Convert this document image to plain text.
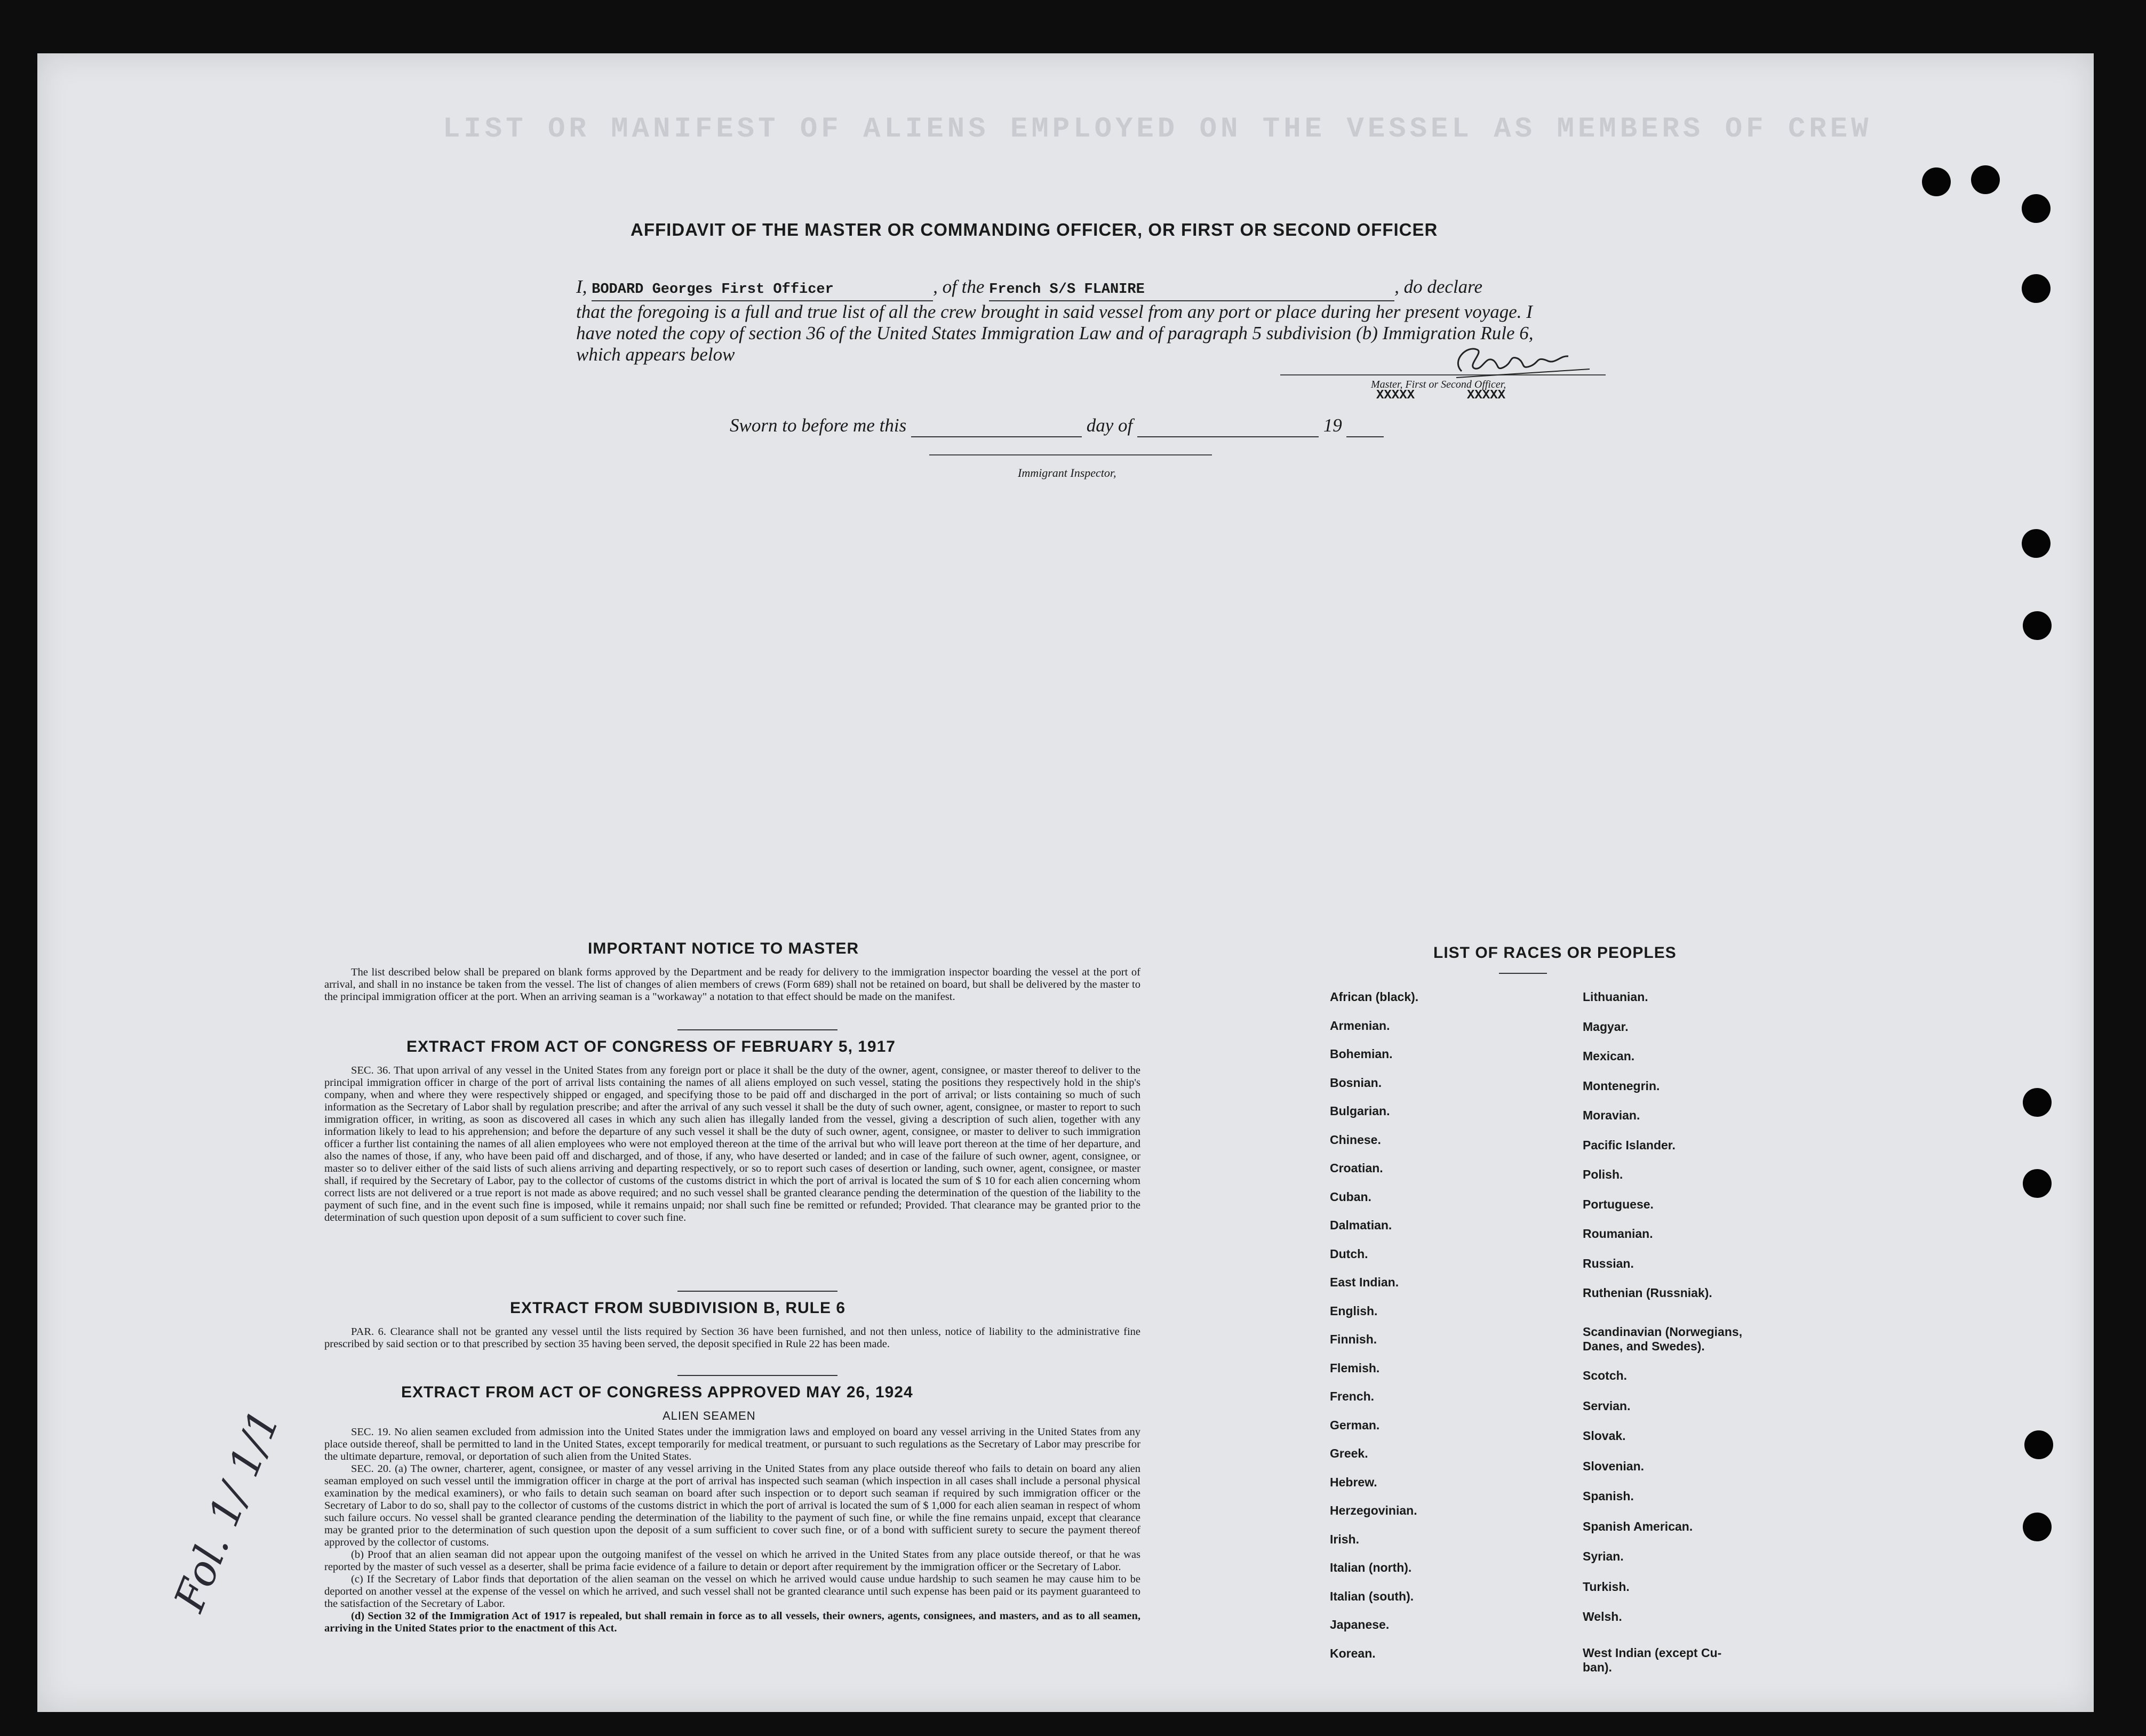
LIST OR MANIFEST OF ALIENS EMPLOYED ON THE VESSEL AS MEMBERS OF CREW
AFFIDAVIT OF THE MASTER OR COMMANDING OFFICER, OR FIRST OR SECOND OFFICER
I, BODARD Georges First Officer	, of the French S/S FLANIRE	, do declare
that the foregoing is a full and true list of all the crew brought in said vessel from any port or place during her present voyage. I have noted the copy of section 36 of the United States Immigration Law and of paragraph 5 subdivision (b) Immigration Rule 6, which appears below
Master, First or Second Officer,
XXXXX	XXXXX
Sworn to before me this	day of	19
Immigrant Inspector,
IMPORTANT NOTICE TO MASTER
The list described below shall be prepared on blank forms approved by the Department and be ready for delivery to the immigration inspector boarding the vessel at the port of arrival, and shall in no instance be taken from the vessel. The list of changes of alien members of crews (Form 689) shall not be retained on board, but shall be delivered by the master to the principal immigration officer at the port. When an arriving seaman is a "workaway" a notation to that effect should be made on the manifest.
EXTRACT FROM ACT OF CONGRESS OF FEBRUARY 5, 1917
SEC. 36. That upon arrival of any vessel in the United States from any foreign port or place it shall be the duty of the owner, agent, consignee, or master thereof to deliver to the principal immigration officer in charge of the port of arrival lists containing the names of all aliens employed on such vessel, stating the positions they respectively hold in the ship's company, when and where they were respectively shipped or engaged, and specifying those to be paid off and discharged in the port of arrival; or lists containing so much of such information as the Secretary of Labor shall by regulation prescribe; and after the arrival of any such vessel it shall be the duty of such owner, agent, consignee, or master to report to such immigration officer, in writing, as soon as discovered all cases in which any such alien has illegally landed from the vessel, giving a description of such alien, together with any information likely to lead to his apprehension; and before the departure of any such vessel it shall be the duty of such owner, agent, consignee, or master to deliver to such immigration officer a further list containing the names of all alien employees who were not employed thereon at the time of the arrival but who will leave port thereon at the time of her departure, and also the names of those, if any, who have been paid off and discharged, and of those, if any, who have deserted or landed; and in case of the failure of such owner, agent, consignee, or master so to deliver either of the said lists of such aliens arriving and departing respectively, or so to report such cases of desertion or landing, such owner, agent, consignee, or master shall, if required by the Secretary of Labor, pay to the collector of customs of the customs district in which the port of arrival is located the sum of $ 10 for each alien concerning whom correct lists are not delivered or a true report is not made as above required; and no such vessel shall be granted clearance pending the determination of the question of the liability to the payment of such fine, and in the event such fine is imposed, while it remains unpaid; nor shall such fine be remitted or refunded; Provided. That clearance may be granted prior to the determination of such question upon deposit of a sum sufficient to cover such fine.
EXTRACT FROM SUBDIVISION B, RULE 6
PAR. 6. Clearance shall not be granted any vessel until the lists required by Section 36 have been furnished, and not then unless, notice of liability to the administrative fine prescribed by said section or to that prescribed by section 35 having been served, the deposit specified in Rule 22 has been made.
EXTRACT FROM ACT OF CONGRESS APPROVED MAY 26, 1924
ALIEN SEAMEN
SEC. 19. No alien seamen excluded from admission into the United States under the immigration laws and employed on board any vessel arriving in the United States from any place outside thereof, shall be permitted to land in the United States, except temporarily for medical treatment, or pursuant to such regulations as the Secretary of Labor may prescribe for the ultimate departure, removal, or deportation of such alien from the United States.
SEC. 20. (a) The owner, charterer, agent, consignee, or master of any vessel arriving in the United States from any place outside thereof who fails to detain on board any alien seaman employed on such vessel until the immigration officer in charge at the port of arrival has inspected such seaman (which inspection in all cases shall include a personal physical examination by the medical examiners), or who fails to detain such seaman on board after such inspection or to deport such seaman if required by such immigration officer or the Secretary of Labor to do so, shall pay to the collector of customs of the customs district in which the port of arrival is located the sum of $ 1,000 for each alien seaman in respect of whom such failure occurs. No vessel shall be granted clearance pending the determination of the liability to the payment of such fine, or while the fine remains unpaid, except that clearance may be granted prior to the determination of such question upon the deposit of a sum sufficient to cover such fine, or of a bond with sufficient surety to secure the payment thereof approved by the collector of customs.
(b) Proof that an alien seaman did not appear upon the outgoing manifest of the vessel on which he arrived in the United States from any place outside thereof, or that he was reported by the master of such vessel as a deserter, shall be prima facie evidence of a failure to detain or deport after requirement by the immigration officer or the Secretary of Labor.
(c) If the Secretary of Labor finds that deportation of the alien seaman on the vessel on which he arrived would cause undue hardship to such seamen he may cause him to be deported on another vessel at the expense of the vessel on which he arrived, and such vessel shall not be granted clearance until such expense has been paid or its payment guaranteed to the satisfaction of the Secretary of Labor.
(d) Section 32 of the Immigration Act of 1917 is repealed, but shall remain in force as to all vessels, their owners, agents, consignees, and masters, and as to all seamen, arriving in the United States prior to the enactment of this Act.
Fol. 1/ 1/1
LIST OF RACES OR PEOPLES
African (black).
Armenian.
Bohemian.
Bosnian.
Bulgarian.
Chinese.
Croatian.
Cuban.
Dalmatian.
Dutch.
East Indian.
English.
Finnish.
Flemish.
French.
German.
Greek.
Hebrew.
Herzegovinian.
Irish.
Italian (north).
Italian (south).
Japanese.
Korean.
Lithuanian.
Magyar.
Mexican.
Montenegrin.
Moravian.
Pacific Islander.
Polish.
Portuguese.
Roumanian.
Russian.
Ruthenian (Russniak).
Scandinavian (Norwegians,
Danes, and Swedes).
Scotch.
Servian.
Slovak.
Slovenian.
Spanish.
Spanish American.
Syrian.
Turkish.
Welsh.
West Indian (except Cu-
ban).
